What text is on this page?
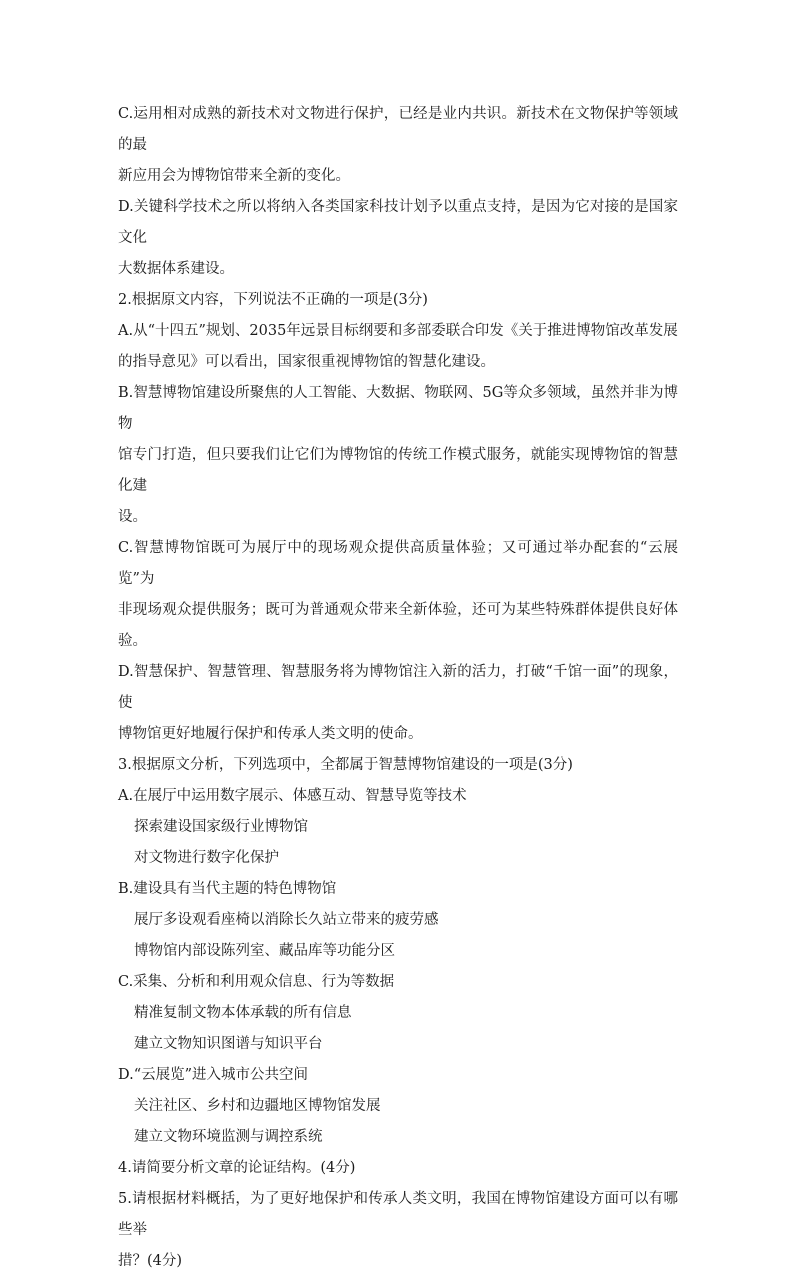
C.运用相对成熟的新技术对文物进行保护，已经是业内共识。新技术在文物保护等领域的最

新应用会为博物馆带来全新的变化。

D.关键科学技术之所以将纳入各类国家科技计划予以重点支持，是因为它对接的是国家文化

大数据体系建设。

2.根据原文内容，下列说法不正确的一项是(3分)

A.从“十四五”规划、2035年远景目标纲要和多部委联合印发《关于推进博物馆改革发展

的指导意见》可以看出，国家很重视博物馆的智慧化建设。

B.智慧博物馆建设所聚焦的人工智能、大数据、物联网、5G等众多领域，虽然并非为博物

馆专门打造，但只要我们让它们为博物馆的传统工作模式服务，就能实现博物馆的智慧化建

设。

C.智慧博物馆既可为展厅中的现场观众提供高质量体验；又可通过举办配套的“云展览”为

非现场观众提供服务；既可为普通观众带来全新体验，还可为某些特殊群体提供良好体验。

D.智慧保护、智慧管理、智慧服务将为博物馆注入新的活力，打破“千馆一面”的现象，使

博物馆更好地履行保护和传承人类文明的使命。

3.根据原文分析，下列选项中，全都属于智慧博物馆建设的一项是(3分)

A.在展厅中运用数字展示、体感互动、智慧导览等技术

探索建设国家级行业博物馆

对文物进行数字化保护

B.建设具有当代主题的特色博物馆

展厅多设观看座椅以消除长久站立带来的疲劳感

博物馆内部设陈列室、藏品库等功能分区

C.采集、分析和利用观众信息、行为等数据

精准复制文物本体承载的所有信息

建立文物知识图谱与知识平台

D.“云展览”进入城市公共空间

关注社区、乡村和边疆地区博物馆发展

建立文物环境监测与调控系统

4.请简要分析文章的论证结构。(4分)

5.请根据材料概括，为了更好地保护和传承人类文明，我国在博物馆建设方面可以有哪些举

措？(4分)
